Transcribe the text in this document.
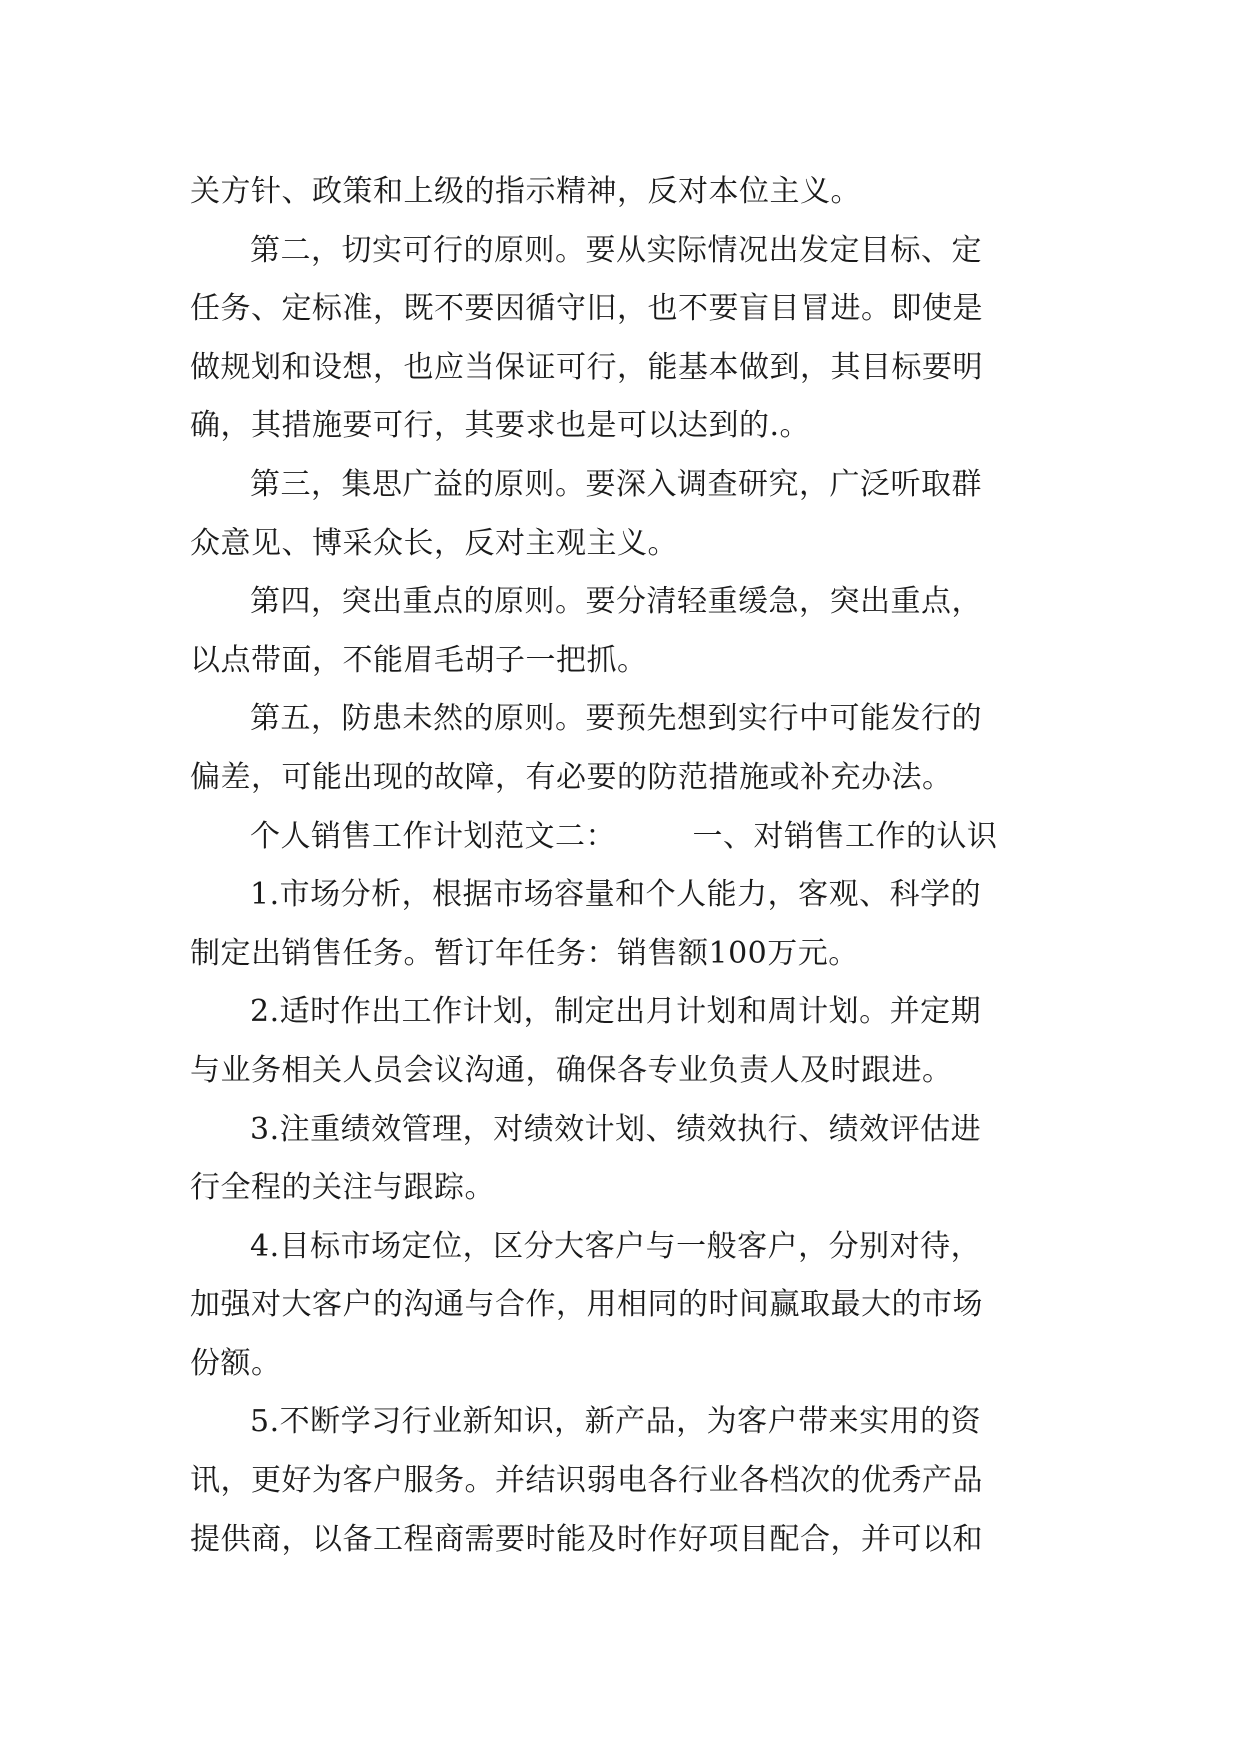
关方针、政策和上级的指示精神，反对本位主义。
第二，切实可行的原则。要从实际情况出发定目标、定
任务、定标准，既不要因循守旧，也不要盲目冒进。即使是
做规划和设想，也应当保证可行，能基本做到，其目标要明
确，其措施要可行，其要求也是可以达到的.。
第三，集思广益的原则。要深入调查研究，广泛听取群
众意见、博采众长，反对主观主义。
第四，突出重点的原则。要分清轻重缓急，突出重点，
以点带面，不能眉毛胡子一把抓。
第五，防患未然的原则。要预先想到实行中可能发行的
偏差，可能出现的故障，有必要的防范措施或补充办法。
个人销售工作计划范文二：　　　一、对销售工作的认识
1.市场分析，根据市场容量和个人能力，客观、科学的
制定出销售任务。暂订年任务：销售额100万元。
2.适时作出工作计划，制定出月计划和周计划。并定期
与业务相关人员会议沟通，确保各专业负责人及时跟进。
3.注重绩效管理，对绩效计划、绩效执行、绩效评估进
行全程的关注与跟踪。
4.目标市场定位，区分大客户与一般客户，分别对待，
加强对大客户的沟通与合作，用相同的时间赢取最大的市场
份额。
5.不断学习行业新知识，新产品，为客户带来实用的资
讯，更好为客户服务。并结识弱电各行业各档次的优秀产品
提供商，以备工程商需要时能及时作好项目配合，并可以和
